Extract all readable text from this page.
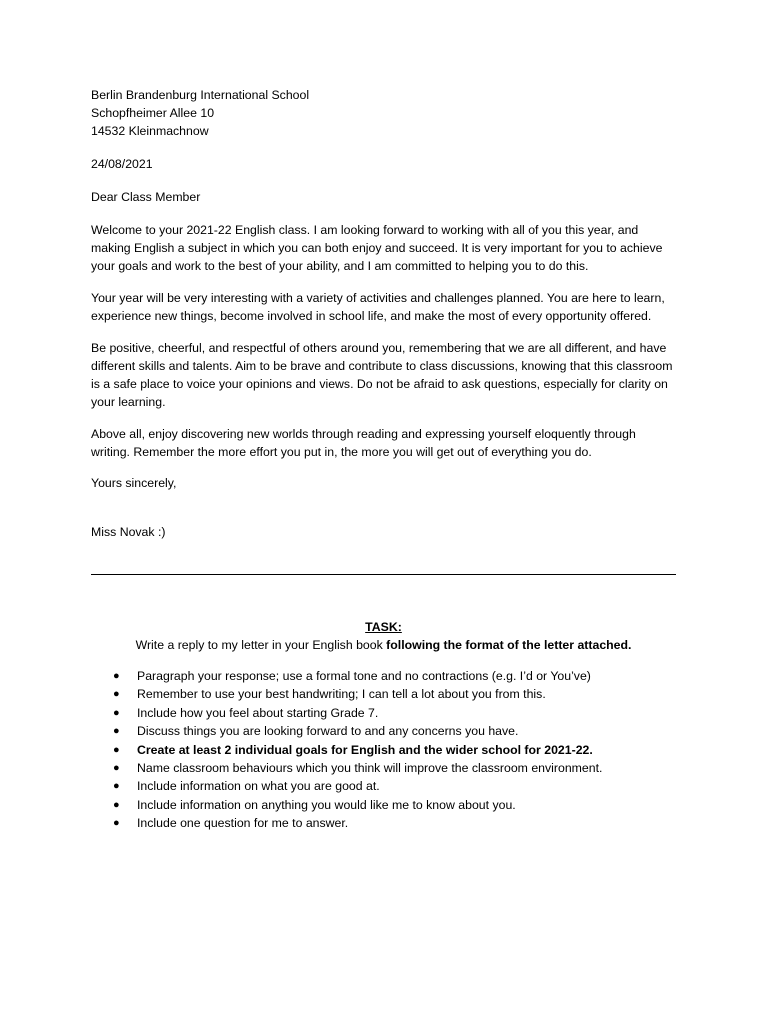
Berlin Brandenburg International School
Schopfheimer Allee 10
14532 Kleinmachnow
24/08/2021
Dear Class Member
Welcome to your 2021-22 English class. I am looking forward to working with all of you this year, and making English a subject in which you can both enjoy and succeed. It is very important for you to achieve your goals and work to the best of your ability, and I am committed to helping you to do this.
Your year will be very interesting with a variety of activities and challenges planned. You are here to learn, experience new things, become involved in school life, and make the most of every opportunity offered.
Be positive, cheerful, and respectful of others around you, remembering that we are all different, and have different skills and talents. Aim to be brave and contribute to class discussions, knowing that this classroom is a safe place to voice your opinions and views. Do not be afraid to ask questions, especially for clarity on your learning.
Above all, enjoy discovering new worlds through reading and expressing yourself eloquently through writing. Remember the more effort you put in, the more you will get out of everything you do.
Yours sincerely,
Miss Novak :)
TASK:
Write a reply to my letter in your English book following the format of the letter attached.
● Paragraph your response; use a formal tone and no contractions (e.g. I’d or You’ve)
● Remember to use your best handwriting; I can tell a lot about you from this.
● Include how you feel about starting Grade 7.
● Discuss things you are looking forward to and any concerns you have.
● Create at least 2 individual goals for English and the wider school for 2021-22.
● Name classroom behaviours which you think will improve the classroom environment.
● Include information on what you are good at.
● Include information on anything you would like me to know about you.
● Include one question for me to answer.
